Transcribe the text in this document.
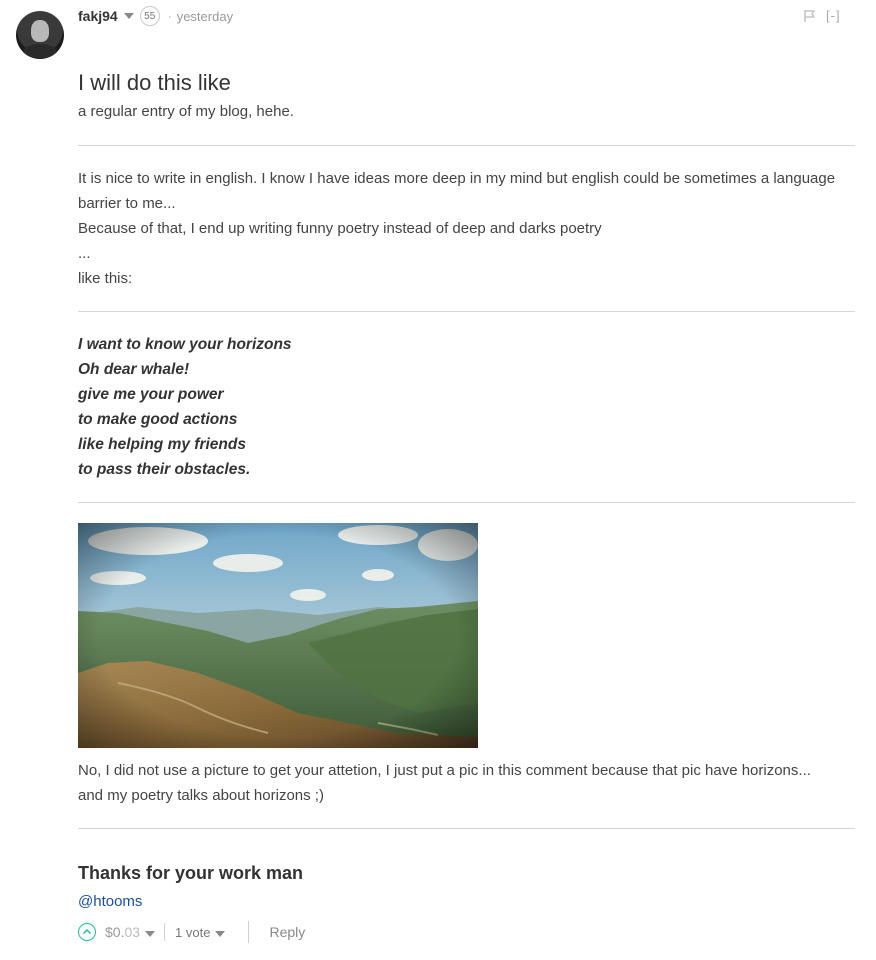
fakj94	55	· yesterday	[-]
I will do this like

a regular entry of my blog, hehe.

It is nice to write in english. I know I have ideas more deep in my mind but english could be sometimes a language
barrier to me...
Because of that, I end up writing funny poetry instead of deep and darks poetry
...
like this:
I want to know your horizons
Oh dear whale!
give me your power
to make good actions
like helping my friends
to pass their obstacles.
No, I did not use a picture to get your attetion, I just put a pic in this comment because that pic have horizons...
and my poetry talks about horizons ;)
Thanks for your work man
@htooms
$0.03	1 vote	Reply
